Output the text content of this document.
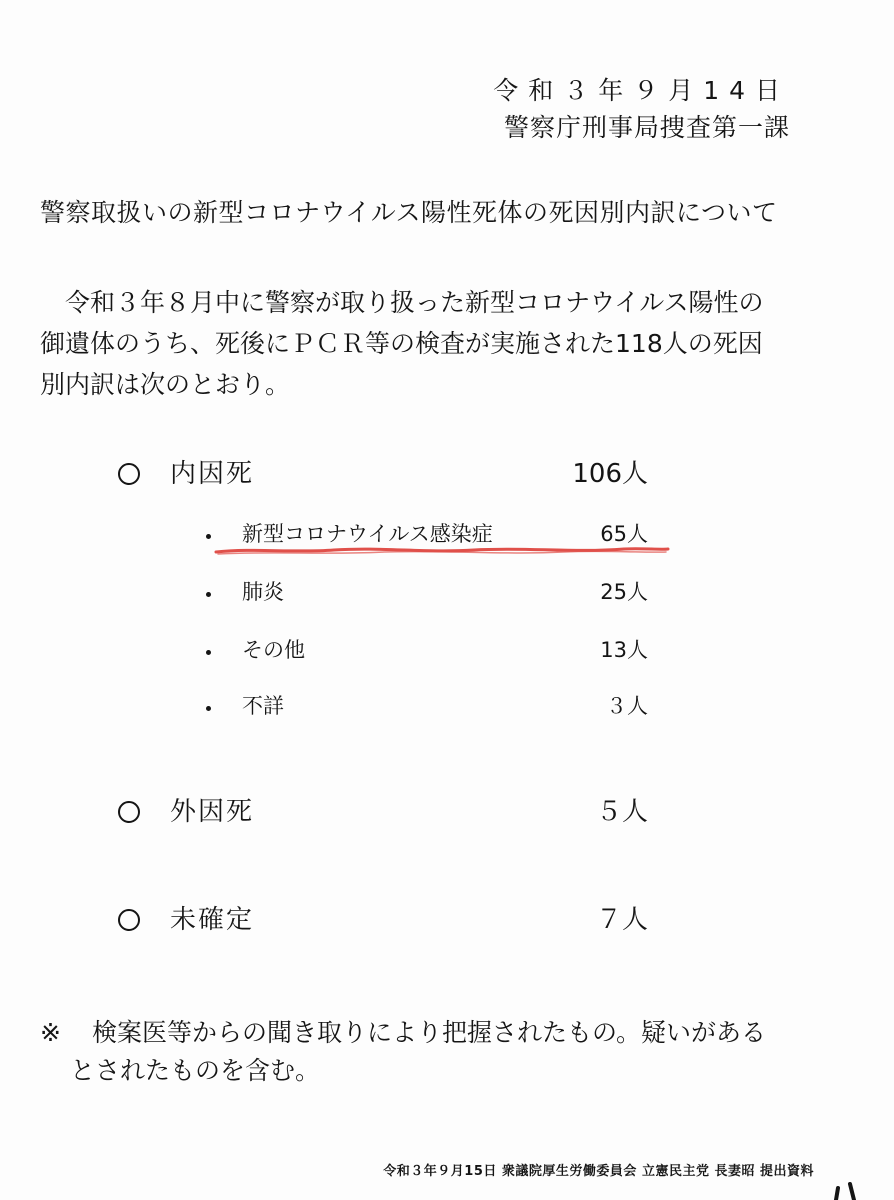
令和３年９月14日
警察庁刑事局捜査第一課
警察取扱いの新型コロナウイルス陽性死体の死因別内訳について
令和３年８月中に警察が取り扱った新型コロナウイルス陽性の
御遺体のうち、死後にＰＣＲ等の検査が実施された118人の死因
別内訳は次のとおり。
内因死	106人
新型コロナウイルス感染症	65人
肺炎	25人
その他	13人
不詳	３人
外因死	５人
未確定	７人
※ 検案医等からの聞き取りにより把握されたもの。疑いがある
とされたものを含む。
令和３年９月15日 衆議院厚生労働委員会 立憲民主党 長妻昭 提出資料
